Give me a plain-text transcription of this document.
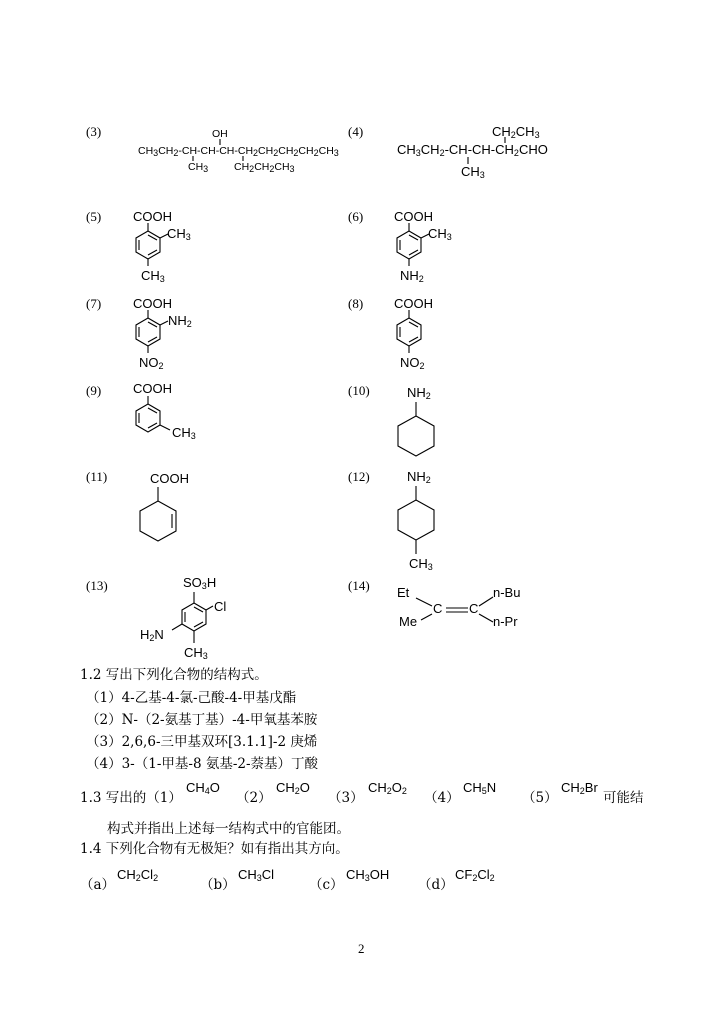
(3)	(4)
(5)	(6)
(7)	(8)
(9)	(10)
(11)	(12)
(13)	(14)
OH
$CH_3CH_2-CH-CH-CH-CH_2CH_2CH_2CH_2CH_3$
$CH_3$ $CH_2CH_2CH_3$
$CH_2CH_3$
$CH_3CH_2-CH-CH-CH_2CHO$
$CH_3$
COOH
$CH_3$
$CH_3$
COOH
$CH_3$
$NH_2$
COOH
$NH_2$
$NO_2$
COOH
$NO_2$
COOH
$CH_3$
$NH_2$
COOH	$NH_2$
$CH_3$
$SO_3H$
Cl
$H_2N$
$CH_3$
Et
Me
C C
n-Bu
n-Pr
1.2 写出下列化合物的结构式。
（1）4-乙基-4-氯-己酸-4-甲基戊酯
（2）N-（2-氨基丁基）-4-甲氧基苯胺
（3）2,6,6-三甲基双环[3.1.1]-2 庚烯
（4）3-（1-甲基-8 氨基-2-萘基）丁酸
1.3 写出的（1）
$CH_4O$
（2）
$CH_2O$
（3）
$CH_2O_2$ （4）
$CH_5N$
（5）
$CH_2Br$
可能结
构式并指出上述每一结构式中的官能团。
1.4 下列化合物有无极矩？如有指出其方向。
（a）
$CH_2Cl_2$	（b）
$CH_3Cl$
（c）
$CH_3OH$
（d）
$CF_2Cl_2$
2
